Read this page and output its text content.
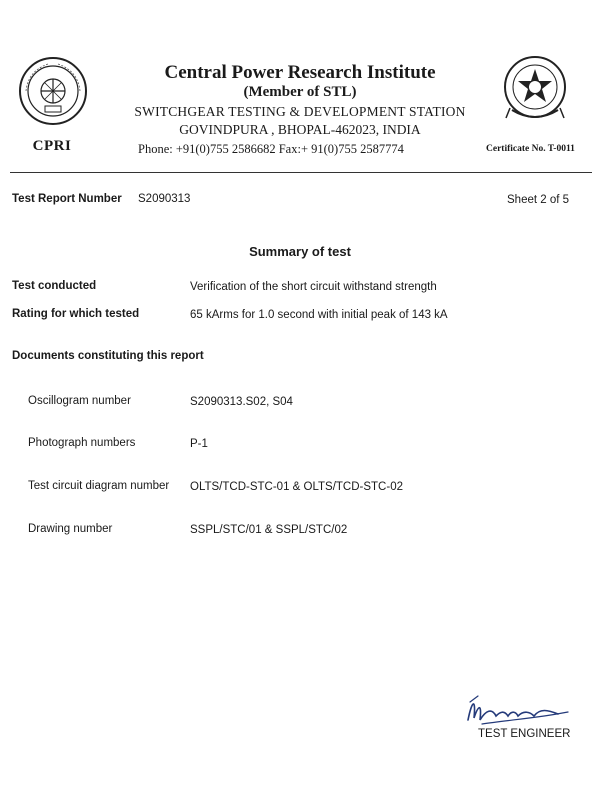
CPRI
Central Power Research Institute
(Member of STL)
SWITCHGEAR TESTING & DEVELOPMENT STATION
GOVINDPURA , BHOPAL-462023, INDIA
Phone: +91(0)755 2586682 Fax:+ 91(0)755 2587774	Certificate No. T-0011
Test Report Number S2090313	Sheet 2 of 5
Summary of test
Test conducted	Verification of the short circuit withstand strength
Rating for which tested	65 kArms for 1.0 second with initial peak of 143 kA
Documents constituting this report
Oscillogram number	S2090313.S02, S04
Photograph numbers	P-1
Test circuit diagram number OLTS/TCD-STC-01 & OLTS/TCD-STC-02
Drawing number	SSPL/STC/01 & SSPL/STC/02
TEST ENGINEER
